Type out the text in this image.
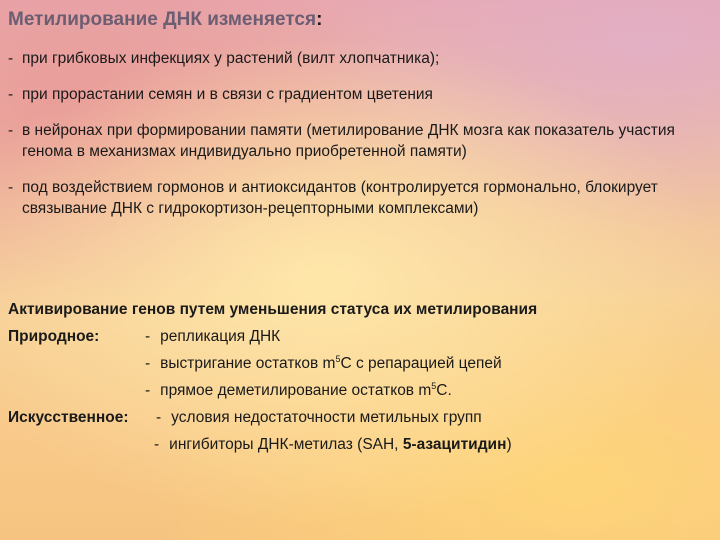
Метилирование ДНК изменяется:
- при грибковых инфекциях у растений (вилт хлопчатника);
- при прорастании семян и в связи с градиентом цветения
- в нейронах при формировании памяти (метилирование ДНК мозга как показатель участия генома в механизмах индивидуально приобретенной памяти)
- под воздействием гормонов и антиоксидантов (контролируется гормонально, блокирует связывание ДНК с гидрокортизон-рецепторными комплексами)
Активирование генов путем уменьшения статуса их метилирования
Природное:	- репликация ДНК
- выстригание остатков $m^5С$ с репарацией цепей
- прямое деметилирование остатков $m^5С$.
Искусственное: - условия недостаточности метильных групп
- ингибиторы ДНК-метилаз (SAH, 5-азацитидин)
